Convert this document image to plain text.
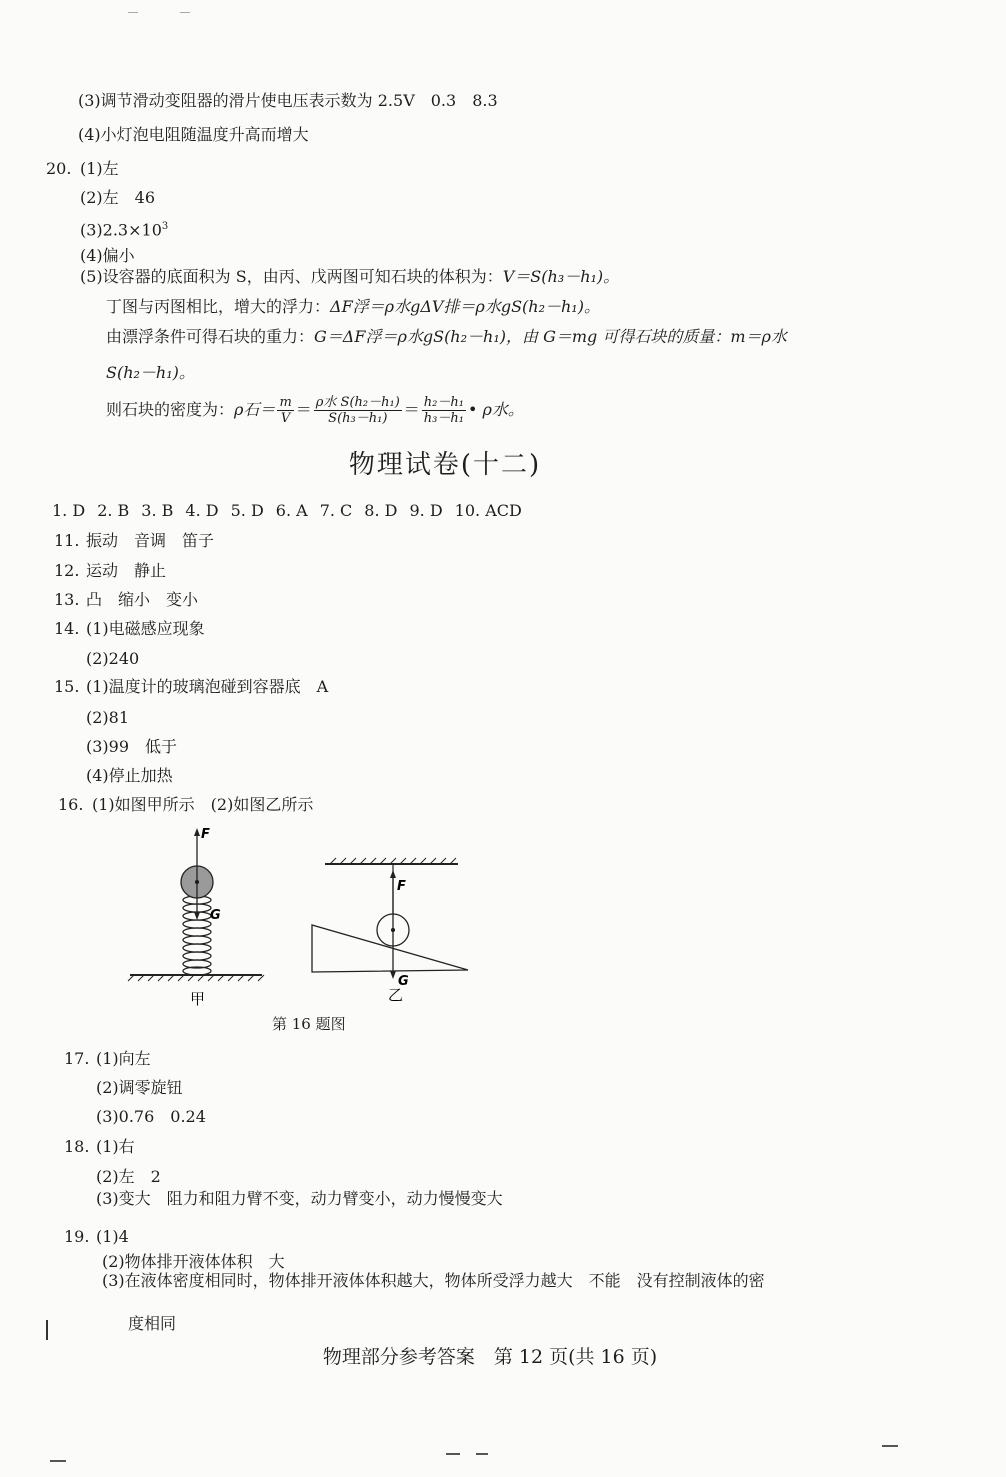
(3)调节滑动变阻器的滑片使电压表示数为 2.5V　0.3　8.3
(4)小灯泡电阻随温度升高而增大
20. (1)左
(2)左　46
$(3)2.3\times 10^3$
(4)偏小
(5)设容器的底面积为 S，由丙、戊两图可知石块的体积为：V＝S(h₃－h₁)。
丁图与丙图相比，增大的浮力：ΔF浮＝ρ水gΔV排＝ρ水gS(h₂－h₁)。
由漂浮条件可得石块的重力：G＝ΔF浮＝ρ水gS(h₂－h₁)，由 G＝mg 可得石块的质量：m＝ρ水
S(h₂－h₁)。
则石块的密度为：ρ石＝ $\frac{m}{V} = \frac{\text{ρ水 S(h₂－h₁)}}{\text{S(h₃－h₁)}} = \frac{\text{h₂－h₁}}{\text{h₃－h₁}}$ • ρ水。
物理试卷(十二)
1. D 2. B 3. B 4. D 5. D 6. A 7. C 8. D 9. D 10. ACD
11. 振动　音调　笛子
12. 运动　静止
13. 凸　缩小　变小
14. (1)电磁感应现象
(2)240
15. (1)温度计的玻璃泡碰到容器底　A
(2)81
(3)99　低于
(4)停止加热
16. (1)如图甲所示　(2)如图乙所示
F
G
甲
F
G
乙
第 16 题图
17. (1)向左
(2)调零旋钮
(3)0.76　0.24
18. (1)右
(2)左　2
(3)变大　阻力和阻力臂不变，动力臂变小，动力慢慢变大
19. (1)4
(2)物体排开液体体积　大
(3)在液体密度相同时，物体排开液体体积越大，物体所受浮力越大　不能　没有控制液体的密
度相同
物理部分参考答案　第 12 页(共 16 页)
